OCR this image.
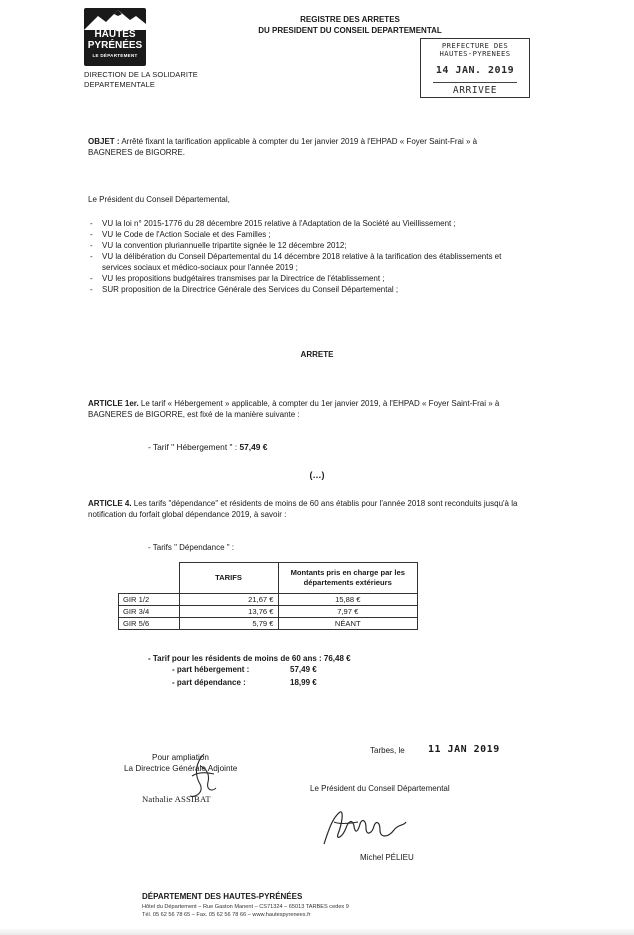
HAUTES
PYRÉNÉES
LE DÉPARTEMENT
DIRECTION DE LA SOLIDARITE
DEPARTEMENTALE
REGISTRE DES ARRETES
DU PRESIDENT DU CONSEIL DEPARTEMENTAL
PREFECTURE DES
HAUTES-PYRENEES
14 JAN. 2019
ARRIVEE
OBJET : Arrêté fixant la tarification applicable à compter du 1er janvier 2019 à l'EHPAD « Foyer Saint-Frai » à BAGNERES de BIGORRE.
Le Président du Conseil Départemental,
- VU la loi n° 2015-1776 du 28 décembre 2015 relative à l'Adaptation de la Société au Vieillissement ;
- VU le Code de l'Action Sociale et des Familles ;
- VU la convention pluriannuelle tripartite signée le 12 décembre 2012;
- VU la délibération du Conseil Départemental du 14 décembre 2018 relative à la tarification des établissements et services sociaux et médico-sociaux pour l'année 2019 ;
- VU les propositions budgétaires transmises par la Directrice de l'établissement ;
- SUR proposition de la Directrice Générale des Services du Conseil Départemental ;
ARRETE
ARTICLE 1er. Le tarif « Hébergement » applicable, à compter du 1er janvier 2019, à l'EHPAD « Foyer Saint-Frai » à BAGNERES de BIGORRE, est fixé de la manière suivante :
- Tarif " Hébergement " : 57,49 €
(…)
ARTICLE 4. Les tarifs "dépendance" et résidents de moins de 60 ans établis pour l'année 2018 sont reconduits jusqu'à la notification du forfait global dépendance 2019, à savoir :
- Tarifs " Dépendance " :
	TARIFS	Montants pris en charge par les départements extérieurs
GIR 1/2	21,67 €	15,88 €
GIR 3/4	13,76 €	7,97 €
GIR 5/6	5,79 €	NÉANT
- Tarif pour les résidents de moins de 60 ans : 76,48 €
- part hébergement :	57,49 €
- part dépendance :	18,99 €
Pour ampliation
La Directrice Générale Adjointe
Nathalie ASSIBAT
Tarbes, le 11 JAN 2019
Le Président du Conseil Départemental
Michel PÉLIEU
DÉPARTEMENT DES HAUTES-PYRÉNÉES
Hôtel du Département – Rue Gaston Manent – CS71324 – 65013 TARBES cedex 9
Tél. 05 62 56 78 65 – Fax. 05 62 56 78 66 – www.hautespyrenees.fr
